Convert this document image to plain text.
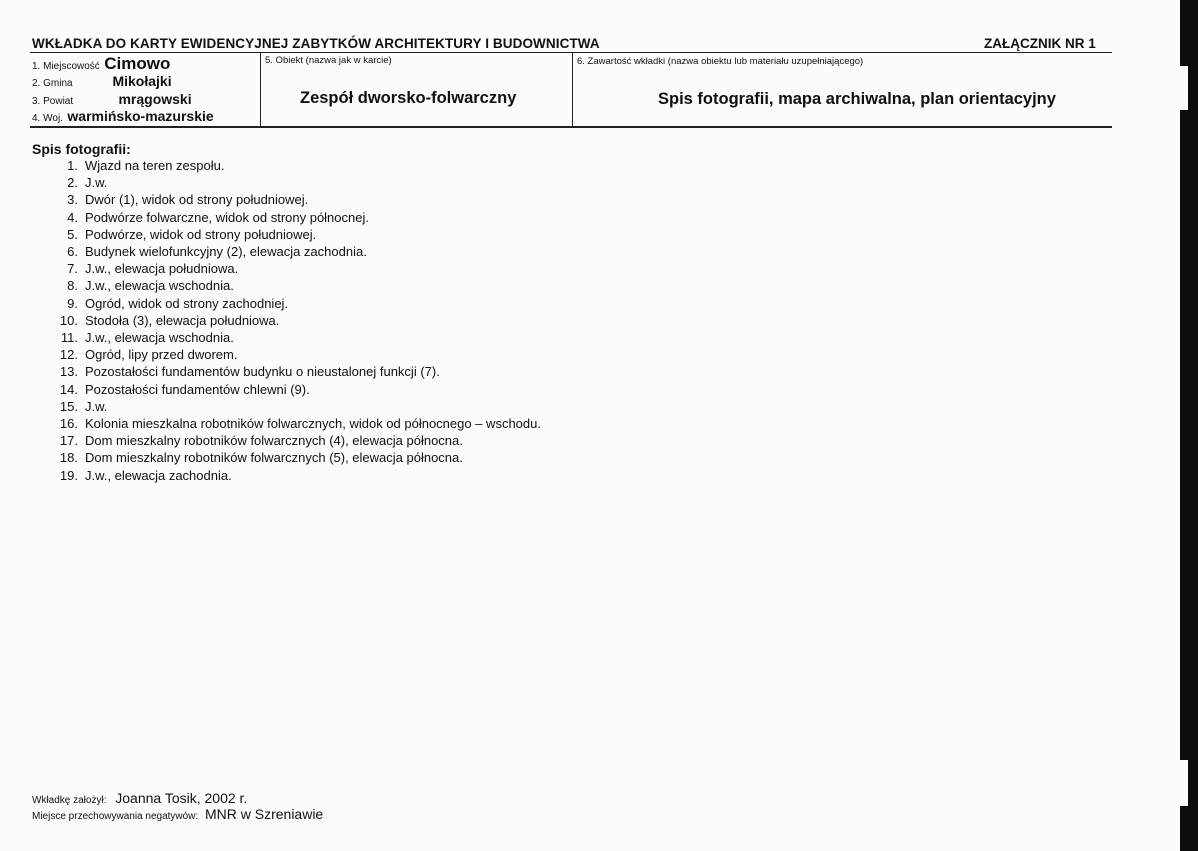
WKŁADKA DO KARTY EWIDENCYJNEJ ZABYTKÓW ARCHITEKTURY I BUDOWNICTWA	ZAŁĄCZNIK NR 1
1. Miejscowość Cimowo
2. Gmina	Mikołajki
3. Powiat	mrągowski
4. Woj. warmińsko-mazurskie
5. Obiekt (nazwa jak w karcie)
Zespół dworsko-folwarczny
6. Zawartość wkładki (nazwa obiektu lub materiału uzupełniającego)
Spis fotografii, mapa archiwalna, plan orientacyjny
Spis fotografii:
1. Wjazd na teren zespołu.
2. J.w.
3. Dwór (1), widok od strony południowej.
4. Podwórze folwarczne, widok od strony północnej.
5. Podwórze, widok od strony południowej.
6. Budynek wielofunkcyjny (2), elewacja zachodnia.
7. J.w., elewacja południowa.
8. J.w., elewacja wschodnia.
9. Ogród, widok od strony zachodniej.
10. Stodoła (3), elewacja południowa.
11. J.w., elewacja wschodnia.
12. Ogród, lipy przed dworem.
13. Pozostałości fundamentów budynku o nieustalonej funkcji (7).
14. Pozostałości fundamentów chlewni (9).
15. J.w.
16. Kolonia mieszkalna robotników folwarcznych, widok od północnego – wschodu.
17. Dom mieszkalny robotników folwarcznych (4), elewacja północna.
18. Dom mieszkalny robotników folwarcznych (5), elewacja północna.
19. J.w., elewacja zachodnia.
Wkładkę założył: Joanna Tosik, 2002 r.
Miejsce przechowywania negatywów: MNR w Szreniawie
